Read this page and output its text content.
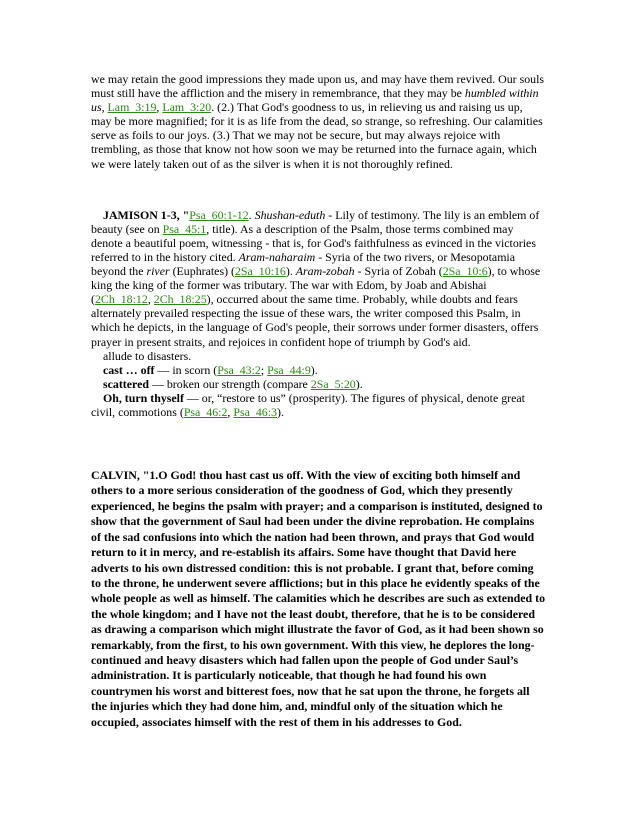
we may retain the good impressions they made upon us, and may have them revived. Our souls must still have the affliction and the misery in remembrance, that they may be humbled within us, Lam_3:19, Lam_3:20. (2.) That God's goodness to us, in relieving us and raising us up, may be more magnified; for it is as life from the dead, so strange, so refreshing. Our calamities serve as foils to our joys. (3.) That we may not be secure, but may always rejoice with trembling, as those that know not how soon we may be returned into the furnace again, which we were lately taken out of as the silver is when it is not thoroughly refined.

JAMISON 1-3, "Psa_60:1-12. Shushan-eduth - Lily of testimony. The lily is an emblem of beauty (see on Psa_45:1, title). As a description of the Psalm, those terms combined may denote a beautiful poem, witnessing - that is, for God's faithfulness as evinced in the victories referred to in the history cited. Aram-naharaim - Syria of the two rivers, or Mesopotamia beyond the river (Euphrates) (2Sa_10:16). Aram-zobah - Syria of Zobah (2Sa_10:6), to whose king the king of the former was tributary. The war with Edom, by Joab and Abishai (2Ch_18:12, 2Ch_18:25), occurred about the same time. Probably, while doubts and fears alternately prevailed respecting the issue of these wars, the writer composed this Psalm, in which he depicts, in the language of God's people, their sorrows under former disasters, offers prayer in present straits, and rejoices in confident hope of triumph by God's aid.

allude to disasters.

cast … off — in scorn (Psa_43:2; Psa_44:9).

scattered — broken our strength (compare 2Sa_5:20).

Oh, turn thyself — or, “restore to us” (prosperity). The figures of physical, denote great civil, commotions (Psa_46:2, Psa_46:3).

CALVIN, "1.O God! thou hast cast us off. With the view of exciting both himself and others to a more serious consideration of the goodness of God, which they presently experienced, he begins the psalm with prayer; and a comparison is instituted, designed to show that the government of Saul had been under the divine reprobation. He complains of the sad confusions into which the nation had been thrown, and prays that God would return to it in mercy, and re-establish its affairs. Some have thought that David here adverts to his own distressed condition: this is not probable. I grant that, before coming to the throne, he underwent severe afflictions; but in this place he evidently speaks of the whole people as well as himself. The calamities which he describes are such as extended to the whole kingdom; and I have not the least doubt, therefore, that he is to be considered as drawing a comparison which might illustrate the favor of God, as it had been shown so remarkably, from the first, to his own government. With this view, he deplores the long-continued and heavy disasters which had fallen upon the people of God under Saul’s administration. It is particularly noticeable, that though he had found his own countrymen his worst and bitterest foes, now that he sat upon the throne, he forgets all the injuries which they had done him, and, mindful only of the situation which he occupied, associates himself with the rest of them in his addresses to God.
